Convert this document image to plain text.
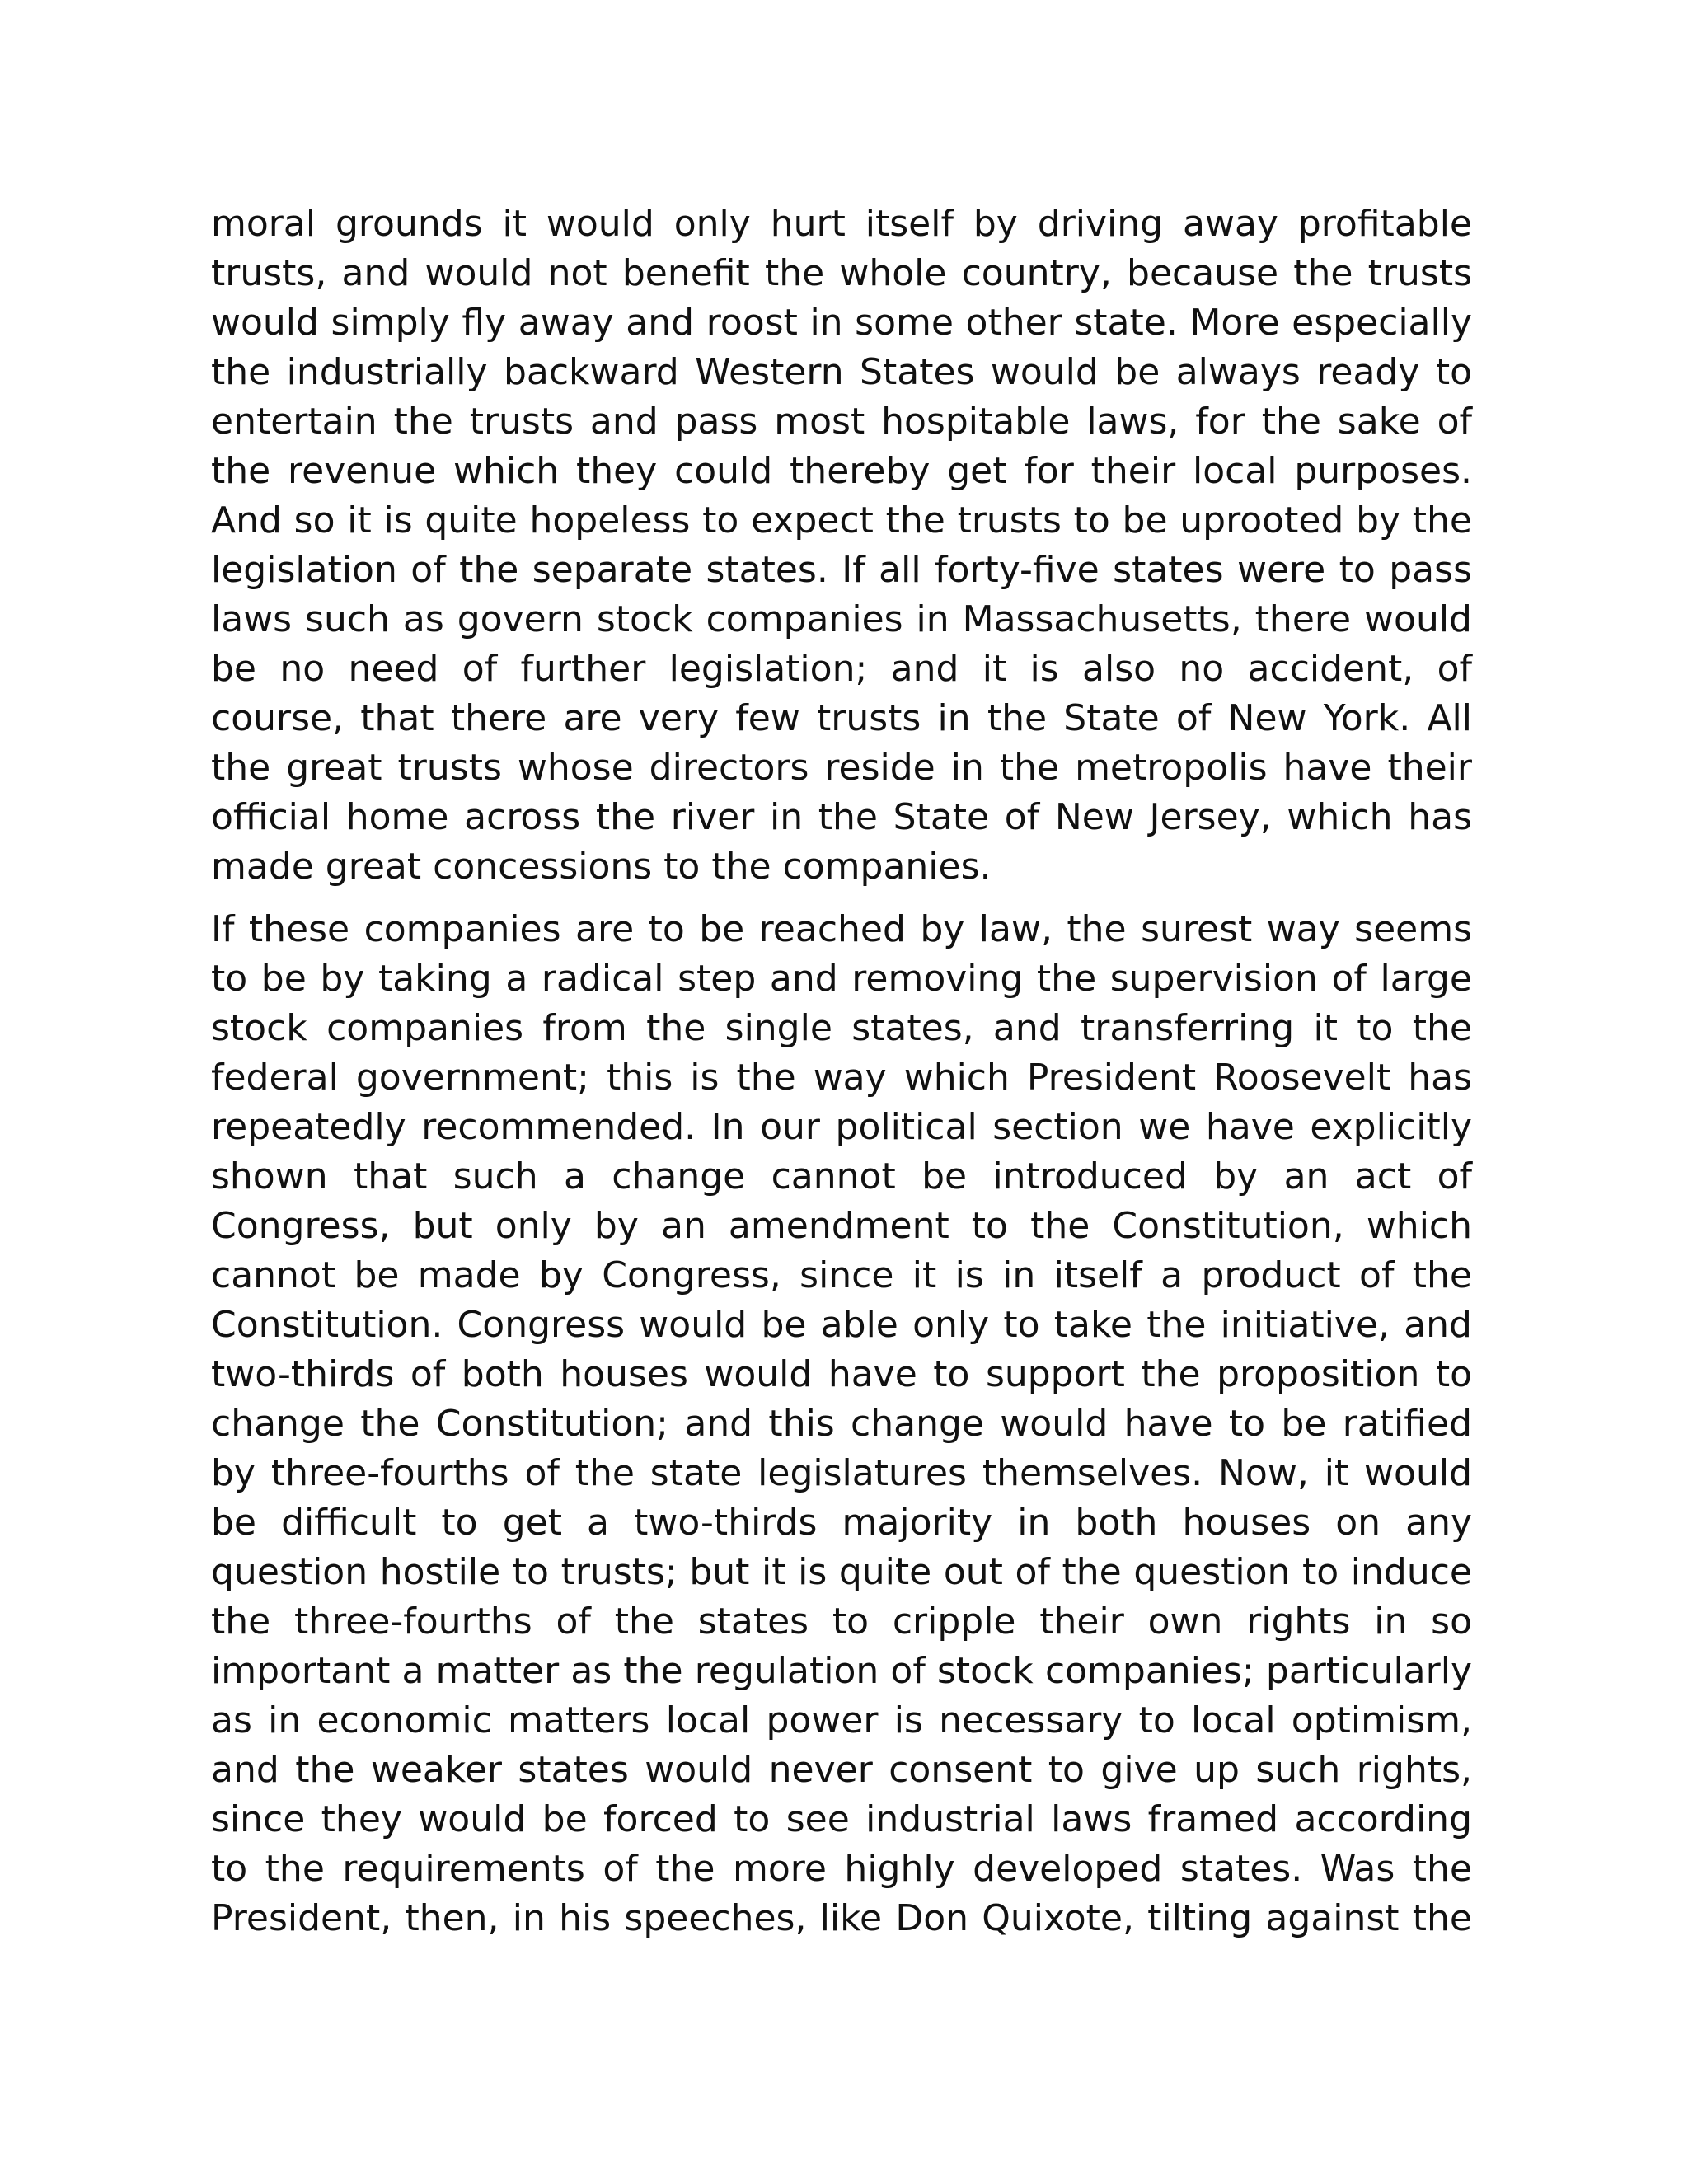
moral grounds it would only hurt itself by driving away profitable trusts, and would not benefit the whole country, because the trusts would simply fly away and roost in some other state. More especially the industrially backward Western States would be always ready to entertain the trusts and pass most hospitable laws, for the sake of the revenue which they could thereby get for their local purposes. And so it is quite hopeless to expect the trusts to be uprooted by the legislation of the separate states. If all forty-five states were to pass laws such as govern stock companies in Massachusetts, there would be no need of further legislation; and it is also no accident, of course, that there are very few trusts in the State of New York. All the great trusts whose directors reside in the metropolis have their official home across the river in the State of New Jersey, which has made great concessions to the companies.

If these companies are to be reached by law, the surest way seems to be by taking a radical step and removing the supervision of large stock companies from the single states, and transferring it to the federal government; this is the way which President Roosevelt has repeatedly recommended. In our political section we have explicitly shown that such a change cannot be introduced by an act of Congress, but only by an amendment to the Constitution, which cannot be made by Congress, since it is in itself a product of the Constitution. Congress would be able only to take the initiative, and two-thirds of both houses would have to support the proposition to change the Constitution; and this change would have to be ratified by three-fourths of the state legislatures themselves. Now, it would be difficult to get a two-thirds majority in both houses on any question hostile to trusts; but it is quite out of the question to induce the three-fourths of the states to cripple their own rights in so important a matter as the regulation of stock companies; particularly as in economic matters local power is necessary to local optimism, and the weaker states would never consent to give up such rights, since they would be forced to see industrial laws framed according to the requirements of the more highly developed states. Was the President, then, in his speeches, like Don Quixote, tilting against the
